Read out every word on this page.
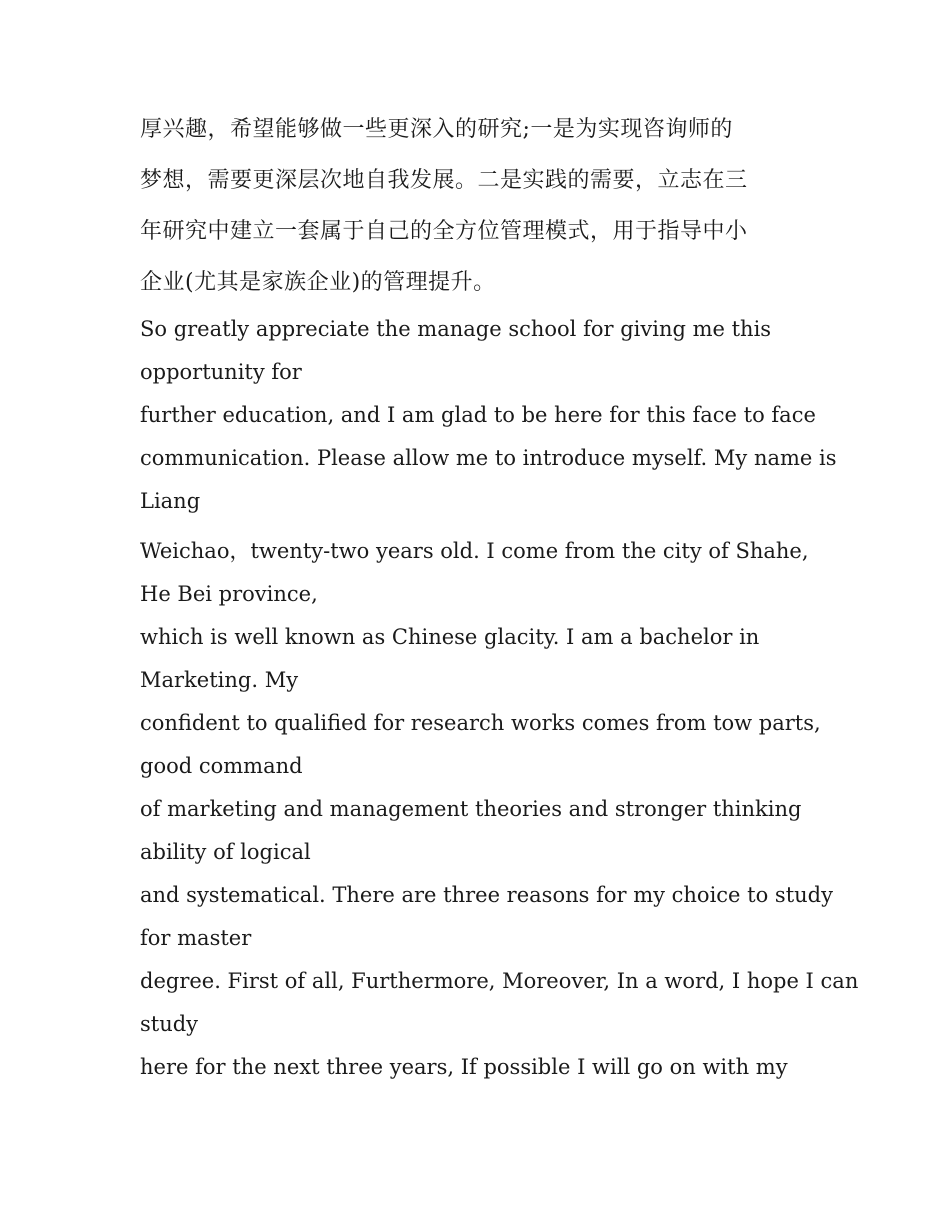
厚兴趣，希望能够做一些更深入的研究;一是为实现咨询师的

梦想，需要更深层次地自我发展。二是实践的需要，立志在三

年研究中建立一套属于自己的全方位管理模式，用于指导中小

企业(尤其是家族企业)的管理提升。

So greatly appreciate the manage school for giving me this

opportunity for

further education, and I am glad to be here for this face to face

communication. Please allow me to introduce myself. My name is

Liang

Weichao，twenty-two years old. I come from the city of Shahe,

He Bei province,

which is well known as Chinese glacity. I am a bachelor in

Marketing. My

confident to qualified for research works comes from tow parts,

good command

of marketing and management theories and stronger thinking

ability of logical

and systematical. There are three reasons for my choice to study

for master

degree. First of all, Furthermore, Moreover, In a word, I hope I can

study

here for the next three years, If possible I will go on with my
